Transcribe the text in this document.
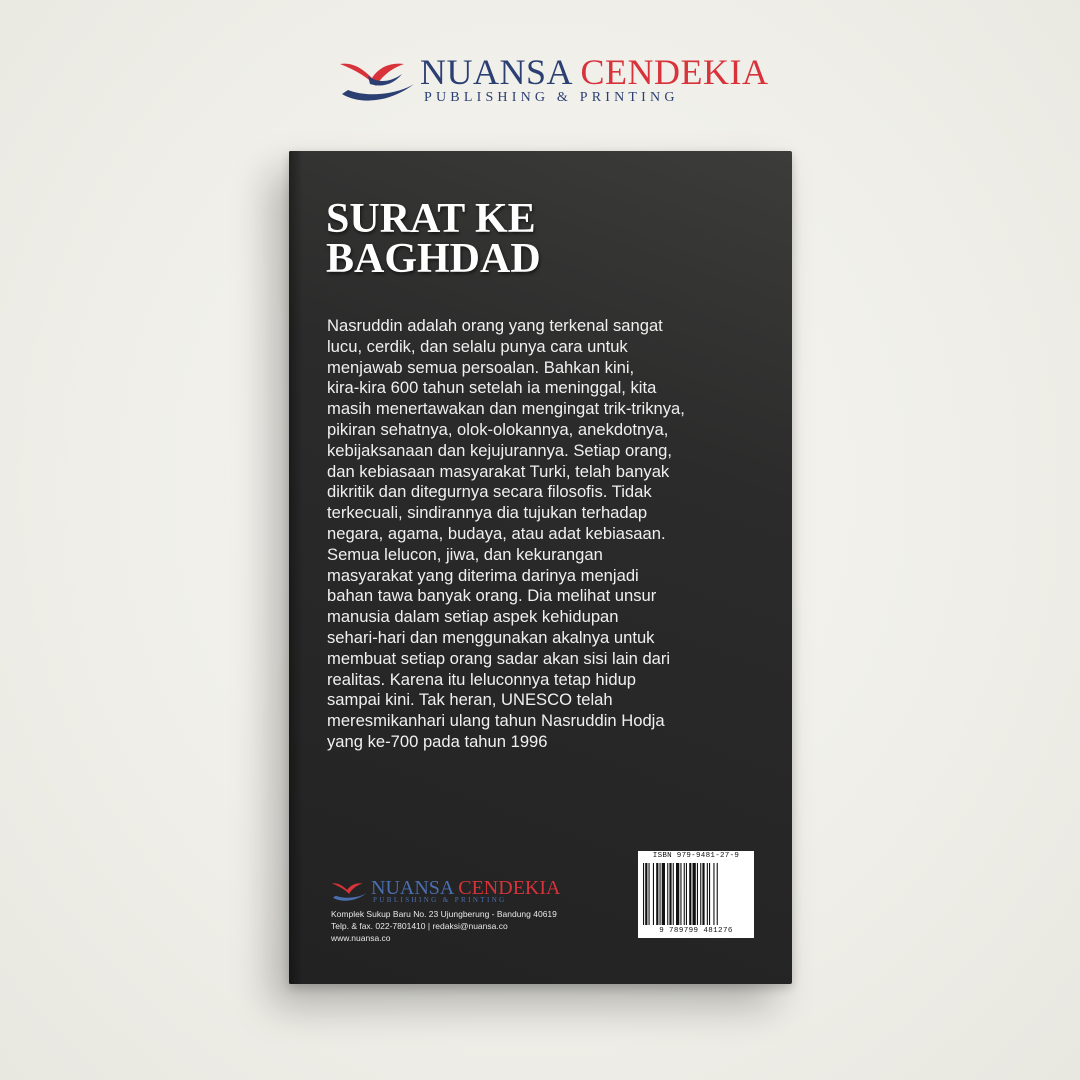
NUANSA CENDEKIA
PUBLISHING & PRINTING
SURAT KE
BAGHDAD
Nasruddin adalah orang yang terkenal sangat
lucu, cerdik, dan selalu punya cara untuk
menjawab semua persoalan. Bahkan kini,
kira-kira 600 tahun setelah ia meninggal, kita
masih menertawakan dan mengingat trik-triknya,
pikiran sehatnya, olok-olokannya, anekdotnya,
kebijaksanaan dan kejujurannya. Setiap orang,
dan kebiasaan masyarakat Turki, telah banyak
dikritik dan ditegurnya secara filosofis. Tidak
terkecuali, sindirannya dia tujukan terhadap
negara, agama, budaya, atau adat kebiasaan.
Semua lelucon, jiwa, dan kekurangan
masyarakat yang diterima darinya menjadi
bahan tawa banyak orang. Dia melihat unsur
manusia dalam setiap aspek kehidupan
sehari-hari dan menggunakan akalnya untuk
membuat setiap orang sadar akan sisi lain dari
realitas. Karena itu leluconnya tetap hidup
sampai kini. Tak heran, UNESCO telah
meresmikanhari ulang tahun Nasruddin Hodja
yang ke-700 pada tahun 1996
NUANSA CENDEKIA
PUBLISHING & PRINTING
Komplek Sukup Baru No. 23 Ujungberung - Bandung 40619
Telp. & fax. 022-7801410 | redaksi@nuansa.co
www.nuansa.co
ISBN 979-9481-27-9
9 789799 481276
